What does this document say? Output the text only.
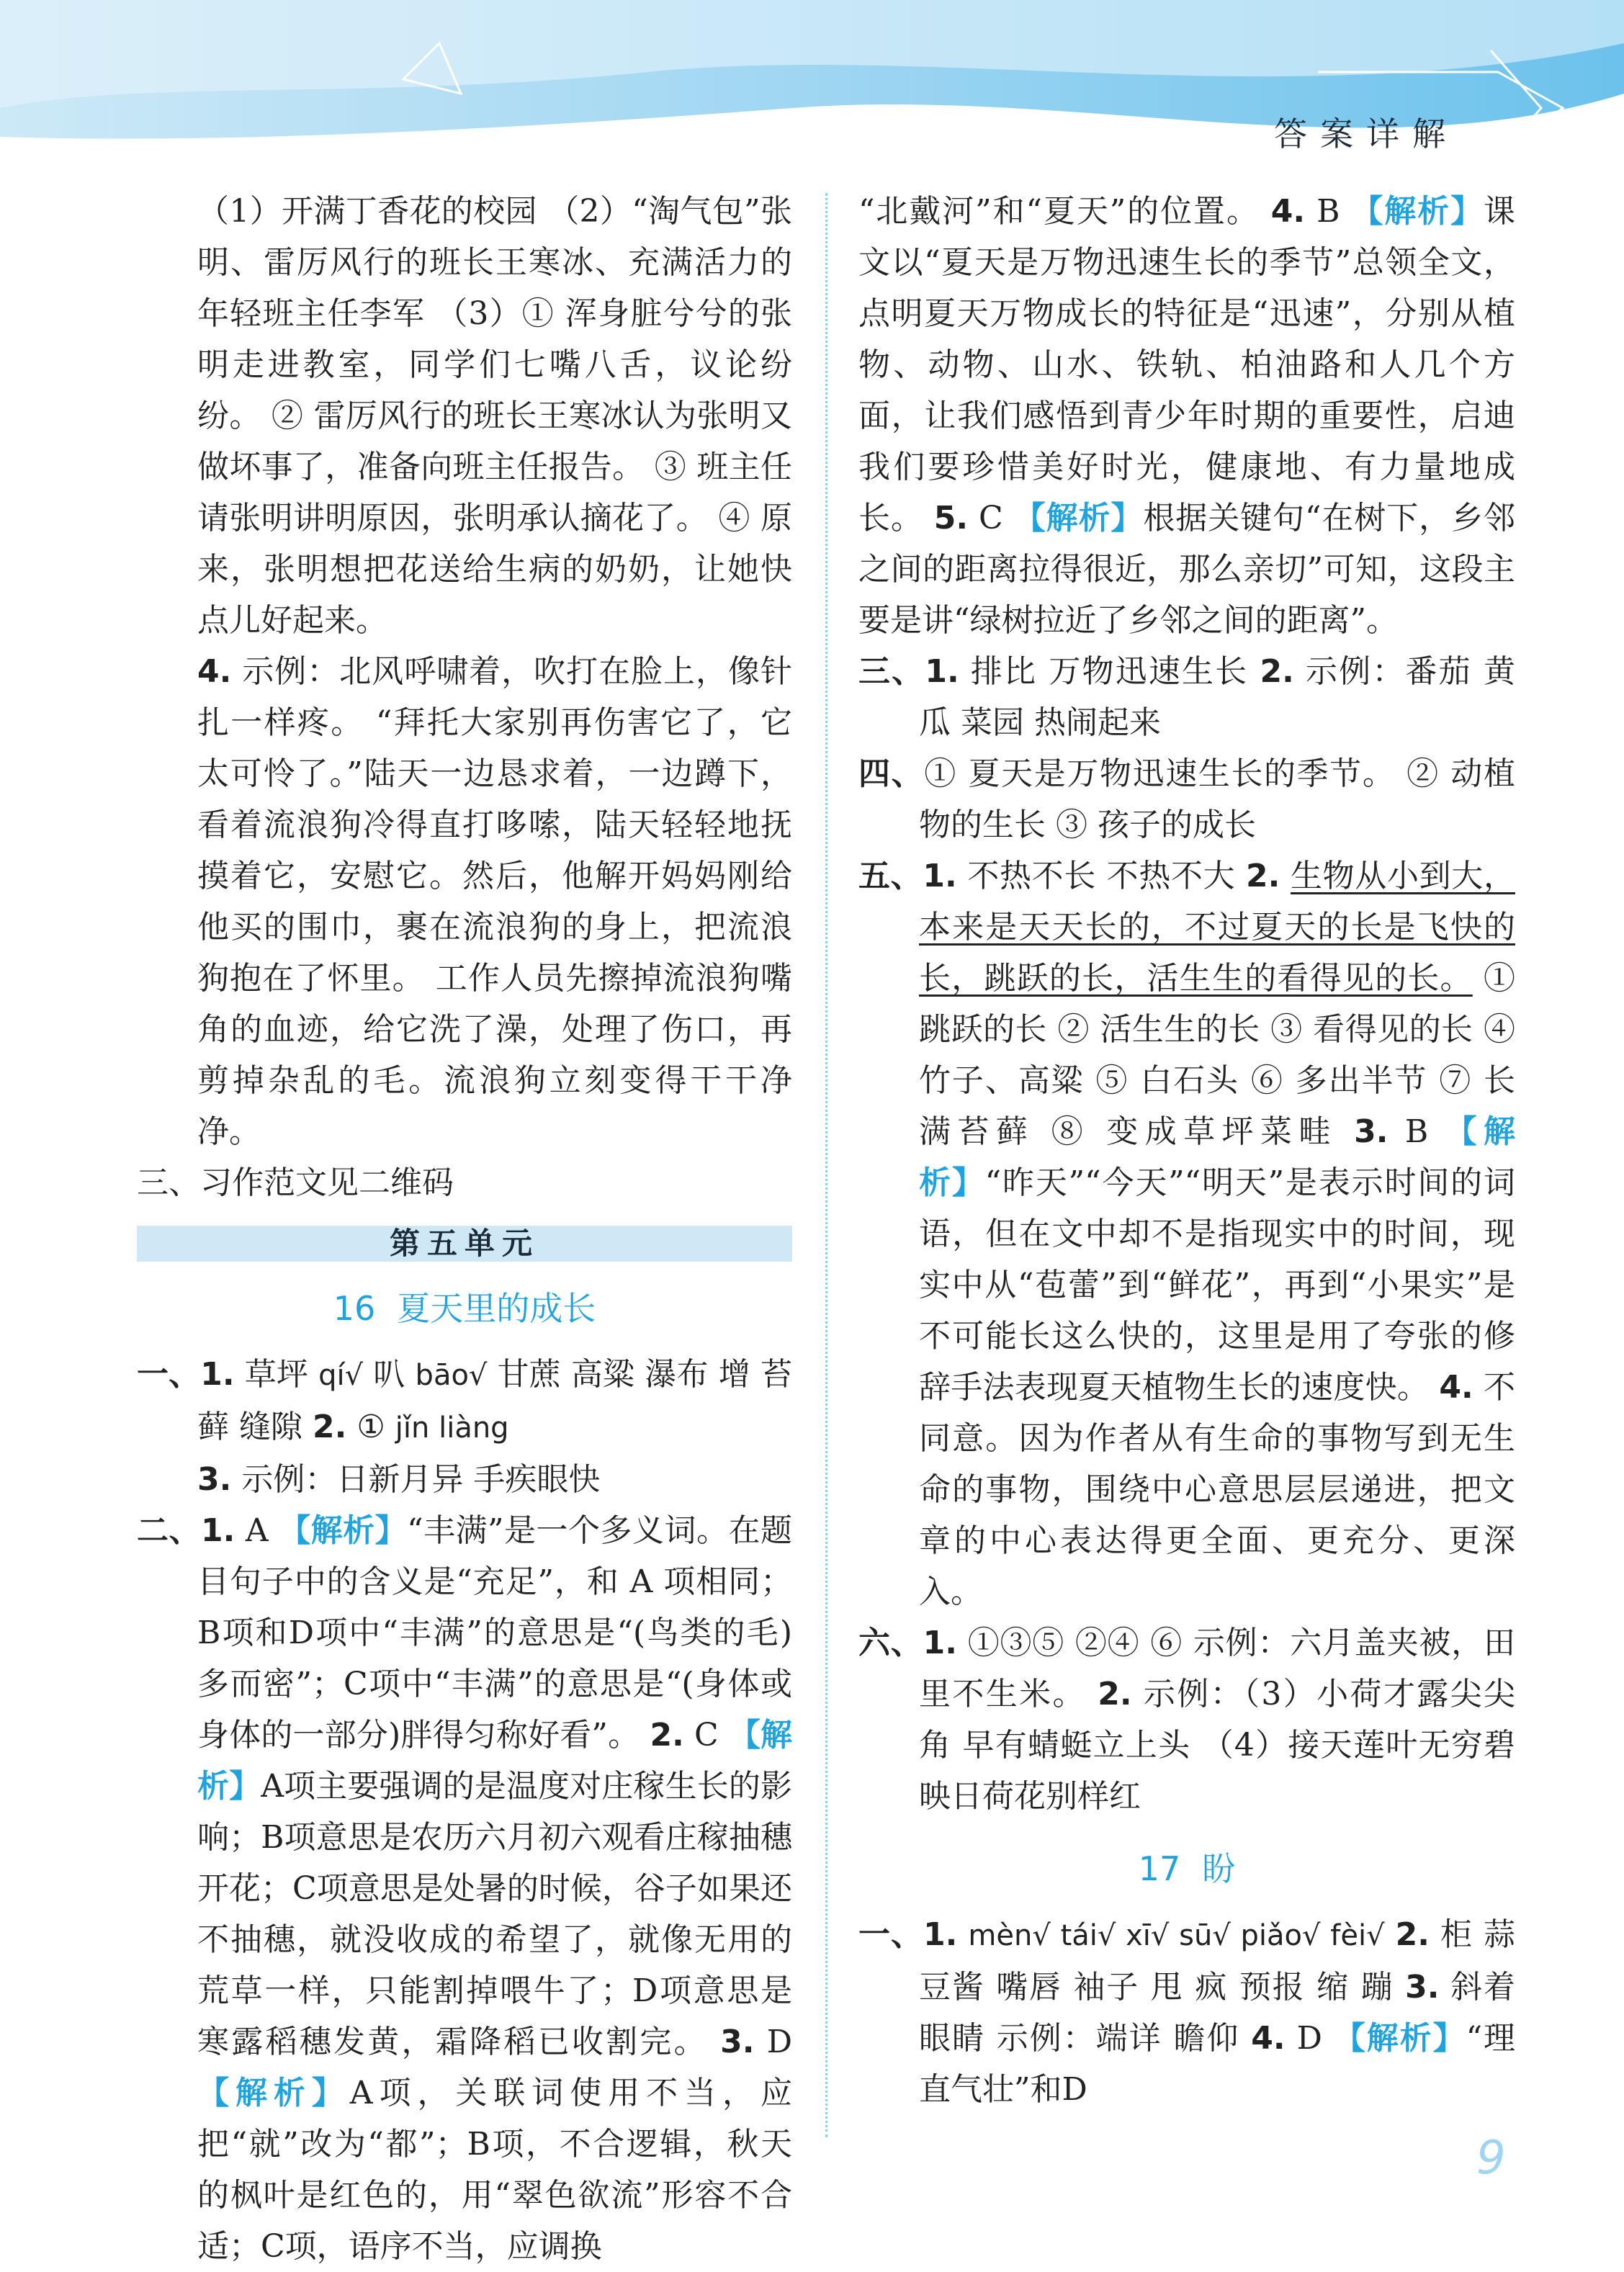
答案详解

（1）开满丁香花的校园 （2）“淘气包”张明、雷厉风行的班长王寒冰、充满活力的年轻班主任李军 （3）① 浑身脏兮兮的张明走进教室，同学们七嘴八舌，议论纷纷。 ② 雷厉风行的班长王寒冰认为张明又做坏事了，准备向班主任报告。 ③ 班主任请张明讲明原因，张明承认摘花了。 ④ 原来，张明想把花送给生病的奶奶，让她快点儿好起来。

4. 示例：北风呼啸着，吹打在脸上，像针扎一样疼。 “拜托大家别再伤害它了，它太可怜了。”陆天一边恳求着，一边蹲下，看着流浪狗冷得直打哆嗦，陆天轻轻地抚摸着它，安慰它。然后，他解开妈妈刚给他买的围巾，裹在流浪狗的身上，把流浪狗抱在了怀里。 工作人员先擦掉流浪狗嘴角的血迹，给它洗了澡，处理了伤口，再剪掉杂乱的毛。流浪狗立刻变得干干净净。

三、习作范文见二维码

第五单元
16 夏天里的成长

一、1. 草坪 qí√ 叭 bāo√ 甘蔗 高粱 瀑布 增 苔藓 缝隙 2. ① jǐn liàng
3. 示例：日新月异 手疾眼快

二、1. A 【解析】“丰满”是一个多义词。在题目句子中的含义是“充足”，和 A 项相同；B项和D项中“丰满”的意思是“(鸟类的毛)多而密”；C项中“丰满”的意思是“(身体或身体的一部分)胖得匀称好看”。 2. C 【解析】A项主要强调的是温度对庄稼生长的影响；B项意思是农历六月初六观看庄稼抽穗开花；C项意思是处暑的时候，谷子如果还不抽穗，就没收成的希望了，就像无用的荒草一样，只能割掉喂牛了；D项意思是寒露稻穗发黄，霜降稻已收割完。 3. D 【解析】A项，关联词使用不当，应把“就”改为“都”；B项，不合逻辑，秋天的枫叶是红色的，用“翠色欲流”形容不合适；C项，语序不当，应调换

“北戴河”和“夏天”的位置。 4. B 【解析】课文以“夏天是万物迅速生长的季节”总领全文，点明夏天万物成长的特征是“迅速”，分别从植物、动物、山水、铁轨、柏油路和人几个方面，让我们感悟到青少年时期的重要性，启迪我们要珍惜美好时光，健康地、有力量地成长。 5. C 【解析】根据关键句“在树下，乡邻之间的距离拉得很近，那么亲切”可知，这段主要是讲“绿树拉近了乡邻之间的距离”。

三、1. 排比 万物迅速生长 2. 示例：番茄 黄瓜 菜园 热闹起来

四、① 夏天是万物迅速生长的季节。 ② 动植物的生长 ③ 孩子的成长

五、1. 不热不长 不热不大 2. 生物从小到大，本来是天天长的，不过夏天的长是飞快的长，跳跃的长，活生生的看得见的长。 ① 跳跃的长 ② 活生生的长 ③ 看得见的长 ④ 竹子、高粱 ⑤ 白石头 ⑥ 多出半节 ⑦ 长满苔藓 ⑧ 变成草坪菜畦 3. B 【解析】“昨天”“今天”“明天”是表示时间的词语，但在文中却不是指现实中的时间，现实中从“苞蕾”到“鲜花”，再到“小果实”是不可能长这么快的，这里是用了夸张的修辞手法表现夏天植物生长的速度快。 4. 不同意。因为作者从有生命的事物写到无生命的事物，围绕中心意思层层递进，把文章的中心表达得更全面、更充分、更深入。

六、1. ①③⑤ ②④ ⑥ 示例：六月盖夹被，田里不生米。 2. 示例：（3）小荷才露尖尖角 早有蜻蜓立上头 （4）接天莲叶无穷碧 映日荷花别样红

17 盼

一、1. mèn√ tái√ xī√ sū√ piǎo√ fèi√ 2. 柜 蒜 豆酱 嘴唇 袖子 甩 疯 预报 缩 蹦 3. 斜着眼睛 示例：端详 瞻仰 4. D 【解析】“理直气壮”和D

9
